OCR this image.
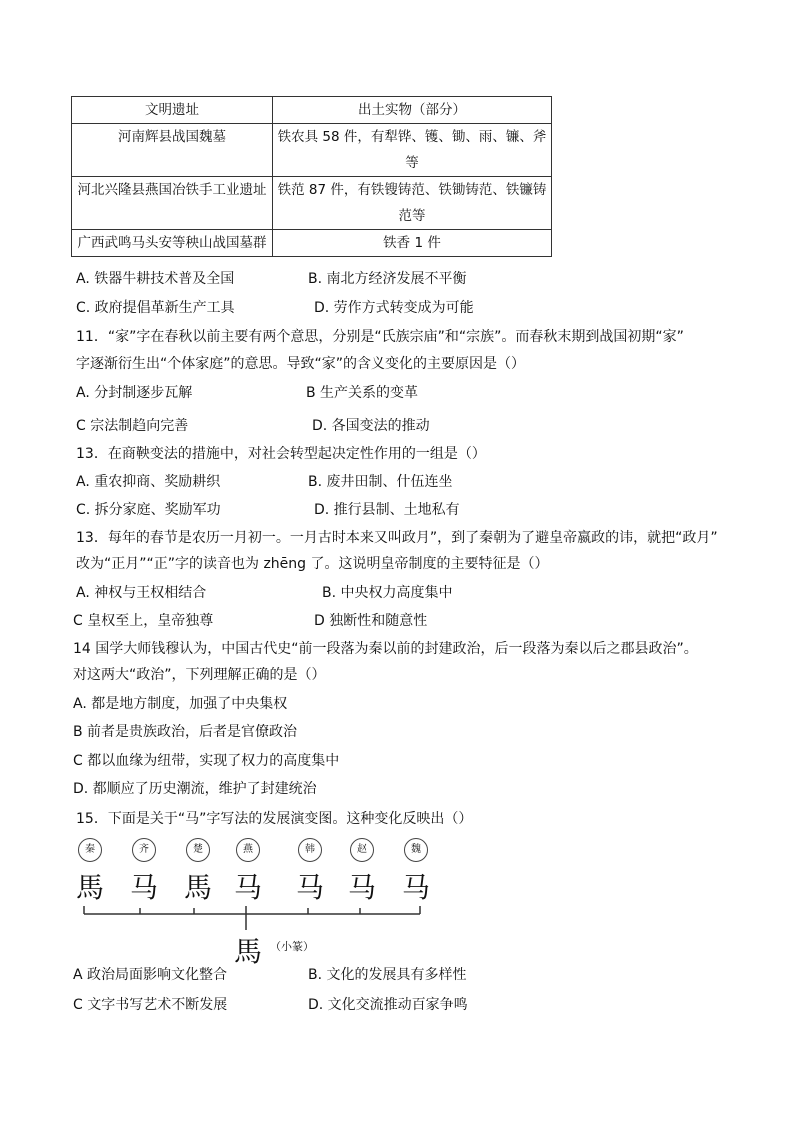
文明遗址	出土实物（部分）
河南辉县战国魏墓	铁农具 58 件，有犁铧、镬、锄、雨、镰、斧
等

河北兴隆县燕国冶铁手工业遗址	铁范 87 件，有铁锼铸范、铁锄铸范、铁镰铸
范等

广西武鸣马头安等秧山战国墓群	铁香 1 件
A. 铁器牛耕技术普及全国	B. 南北方经济发展不平衡
C. 政府提倡革新生产工具	D. 劳作方式转变成为可能
11．“家”字在春秋以前主要有两个意思，分别是“氏族宗庙”和“宗族”。而春秋末期到战国初期“家”
字逐渐衍生出“个体家庭”的意思。导致“家”的含义变化的主要原因是（）
A. 分封制逐步瓦解	B 生产关系的变革
C 宗法制趋向完善	D. 各国变法的推动
13．在商鞅变法的措施中，对社会转型起决定性作用的一组是（）
A. 重农抑商、奖励耕织	B. 废井田制、什伍连坐
C. 拆分家庭、奖励军功	D. 推行县制、土地私有
13．每年的春节是农历一月初一。一月古时本来又叫政月”，到了秦朝为了避皇帝嬴政的讳，就把“政月”
改为“正月”“正”字的读音也为 zhēng 了。这说明皇帝制度的主要特征是（）
A. 神权与王权相结合	B. 中央权力高度集中
C 皇权至上，皇帝独尊	D 独断性和随意性
14 国学大师钱穆认为，中国古代史“前一段落为秦以前的封建政治，后一段落为秦以后之郡县政治”。
对这两大“政治”，下列理解正确的是（）
A. 都是地方制度，加强了中央集权
B 前者是贵族政治，后者是官僚政治
C 都以血缘为纽带，实现了权力的高度集中
D. 都顺应了历史潮流，维护了封建统治
15．下面是关于“马”字写法的发展演变图。这种变化反映出（）
秦	齐	楚	燕	韩	赵	魏
馬 马 馬 马 马 马 马
馬 （小篆）
A 政治局面影响文化整合	B. 文化的发展具有多样性
C 文字书写艺术不断发展	D. 文化交流推动百家争鸣
